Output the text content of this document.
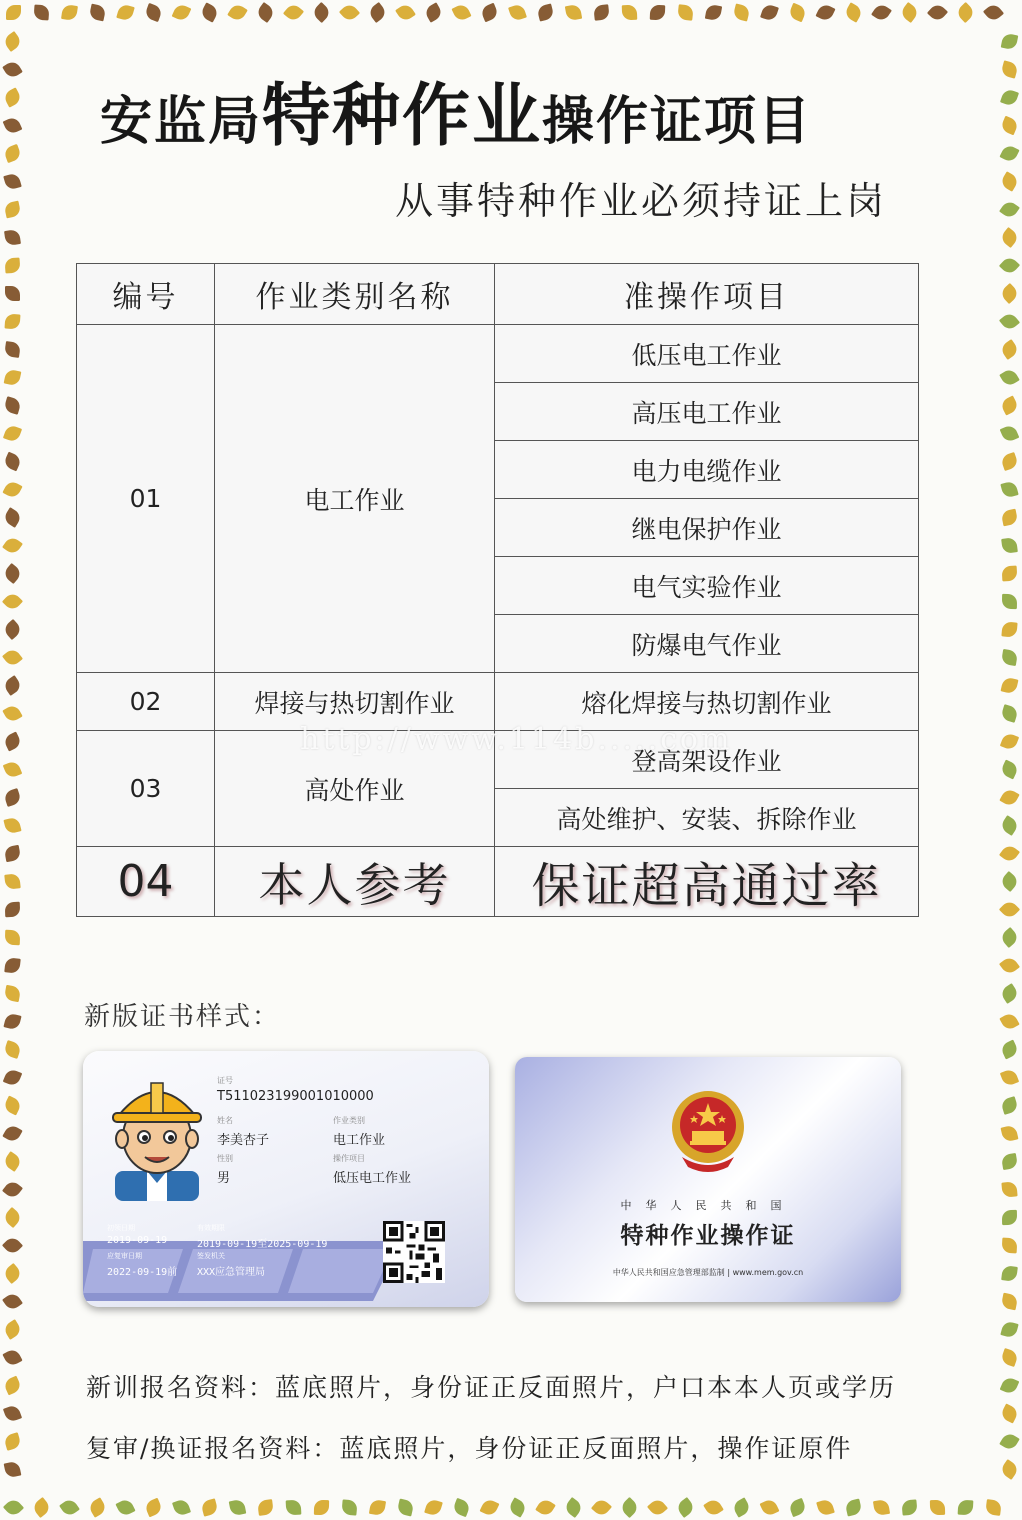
安监局特种作业操作证项目
从事特种作业必须持证上岗
编号	作业类别名称	准操作项目
01	电工作业	低压电工作业
		高压电工作业
		电力电缆作业
		继电保护作业
		电气实验作业
		防爆电气作业
02	焊接与热切割作业	熔化焊接与热切割作业
03	高处作业	登高架设作业
		高处维护、安装、拆除作业
04	本人参考	保证超高通过率
http://www.114b.....com
新版证书样式：
证号
T511023199001010000
姓名
李美杏子
作业类别
电工作业
性别
男
操作项目
低压电工作业
初领日期
2019-09-19
应复审日期
2022-09-19前
有效期限
2019-09-19至2025-09-19
签发机关
XXX应急管理局
中华人民共和国
特种作业操作证
中华人民共和国应急管理部监制 | www.mem.gov.cn
新训报名资料：蓝底照片，身份证正反面照片，户口本本人页或学历
复审/换证报名资料：蓝底照片，身份证正反面照片，操作证原件
